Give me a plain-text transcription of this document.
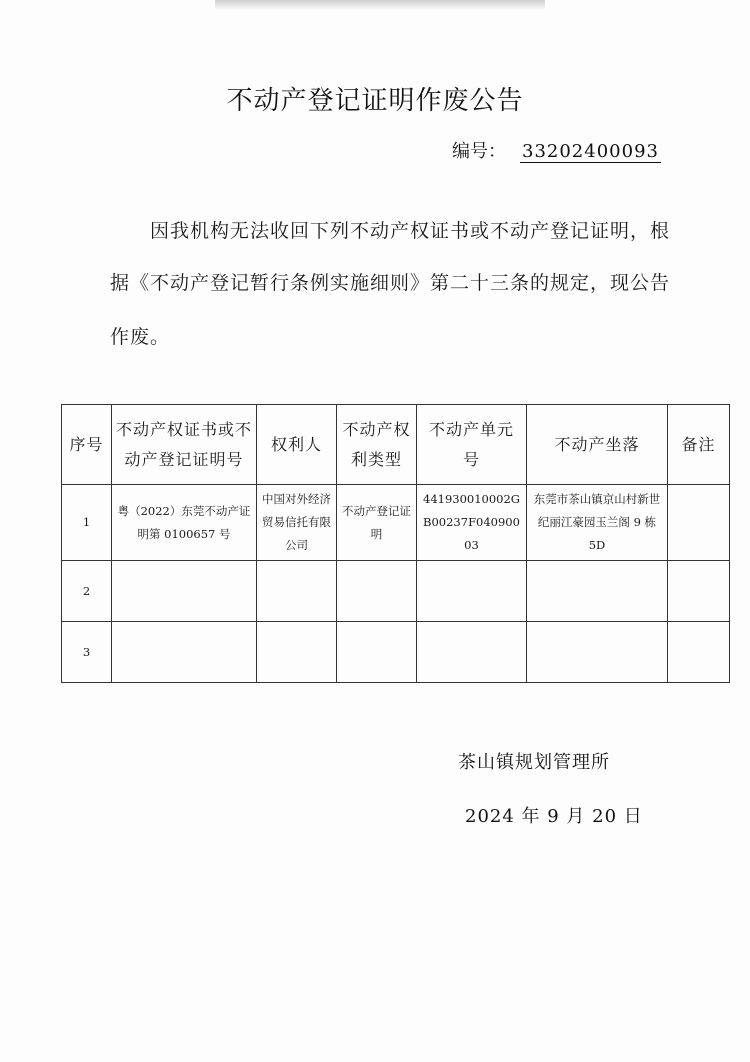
不动产登记证明作废公告
编号： 33202400093
因我机构无法收回下列不动产权证书或不动产登记证明，根
据《不动产登记暂行条例实施细则》第二十三条的规定，现公告
作废。
序号	不动产权证书或不动产登记证明号	权利人	不动产权利类型	不动产单元号	不动产坐落	备注
1	粤（2022）东莞不动产证明第 0100657 号	中国对外经济贸易信托有限公司	不动产登记证明	441930010002GB00237F04090003	东莞市茶山镇京山村新世纪丽江豪园玉兰阁 9 栋 5D	
2						
3						
茶山镇规划管理所
2024 年 9 月 20 日
